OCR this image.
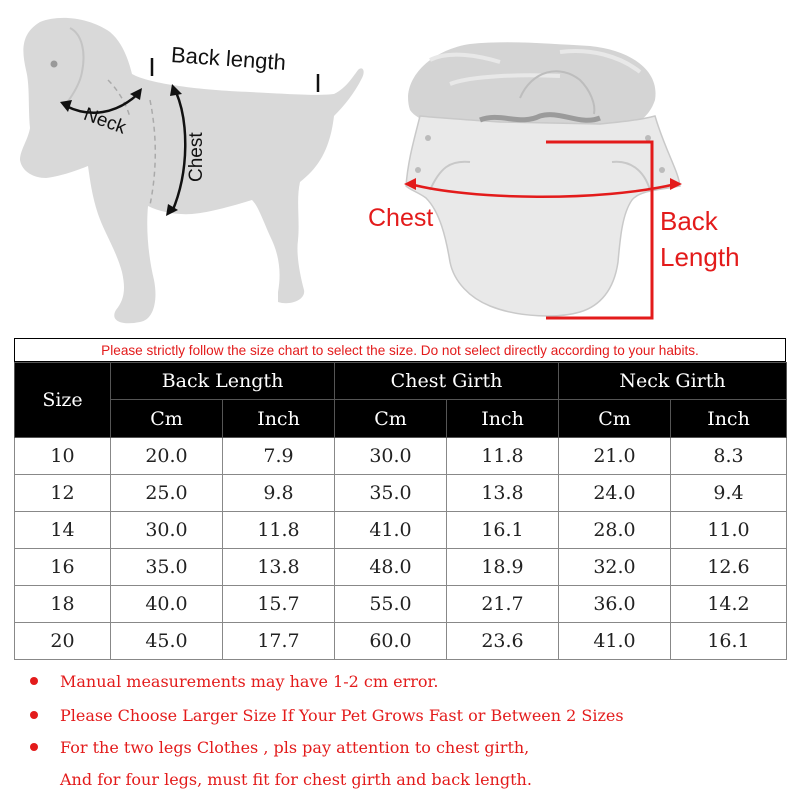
Back length
Neck
Chest
Chest	Back
Length
Please strictly follow the size chart to select the size. Do not select directly according to your habits.
Size	Back Length		Chest Girth		Neck Girth	
	Cm	Inch	Cm	Inch	Cm	Inch
10	20.0	7.9	30.0	11.8	21.0	8.3
12	25.0	9.8	35.0	13.8	24.0	9.4
14	30.0	11.8	41.0	16.1	28.0	11.0
16	35.0	13.8	48.0	18.9	32.0	12.6
18	40.0	15.7	55.0	21.7	36.0	14.2
20	45.0	17.7	60.0	23.6	41.0	16.1
Manual measurements may have 1-2 cm error.
Please Choose Larger Size If Your Pet Grows Fast or Between 2 Sizes
For the two legs Clothes , pls pay attention to chest girth,
And for four legs, must fit for chest girth and back length.
